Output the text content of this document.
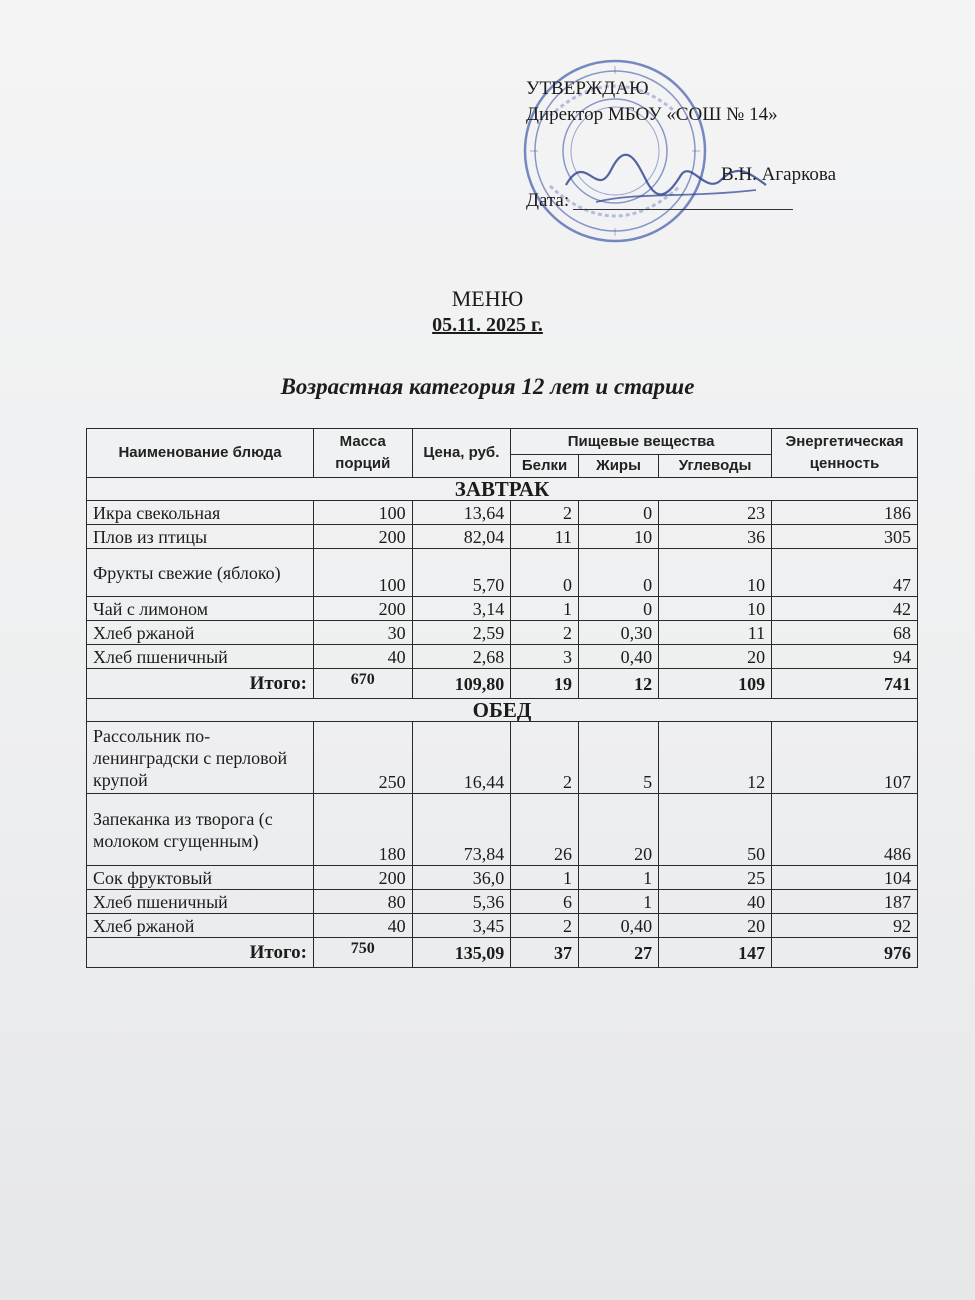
УТВЕРЖДАЮ
Директор МБОУ «СОШ № 14»
В.Н. Агаркова
Дата:
МЕНЮ
05.11. 2025 г.
Возрастная категория 12 лет и старше
Наименование блюда	Масса порций	Цена, руб.	Пищевые вещества			Энергетическая ценность
			Белки	Жиры	Углеводы	
ЗАВТРАК						
Икра свекольная	100	13,64	2	0	23	186
Плов из птицы	200	82,04	11	10	36	305
Фрукты свежие (яблоко)	100	5,70	0	0	10	47
Чай с лимоном	200	3,14	1	0	10	42
Хлеб ржаной	30	2,59	2	0,30	11	68
Хлеб пшеничный	40	2,68	3	0,40	20	94
Итого:	670	109,80	19	12	109	741
ОБЕД						
Рассольник по-ленинградски с перловой крупой	250	16,44	2	5	12	107
Запеканка из творога (с молоком сгущенным)	180	73,84	26	20	50	486
Сок фруктовый	200	36,0	1	1	25	104
Хлеб пшеничный	80	5,36	6	1	40	187
Хлеб ржаной	40	3,45	2	0,40	20	92
Итого:	750	135,09	37	27	147	976
